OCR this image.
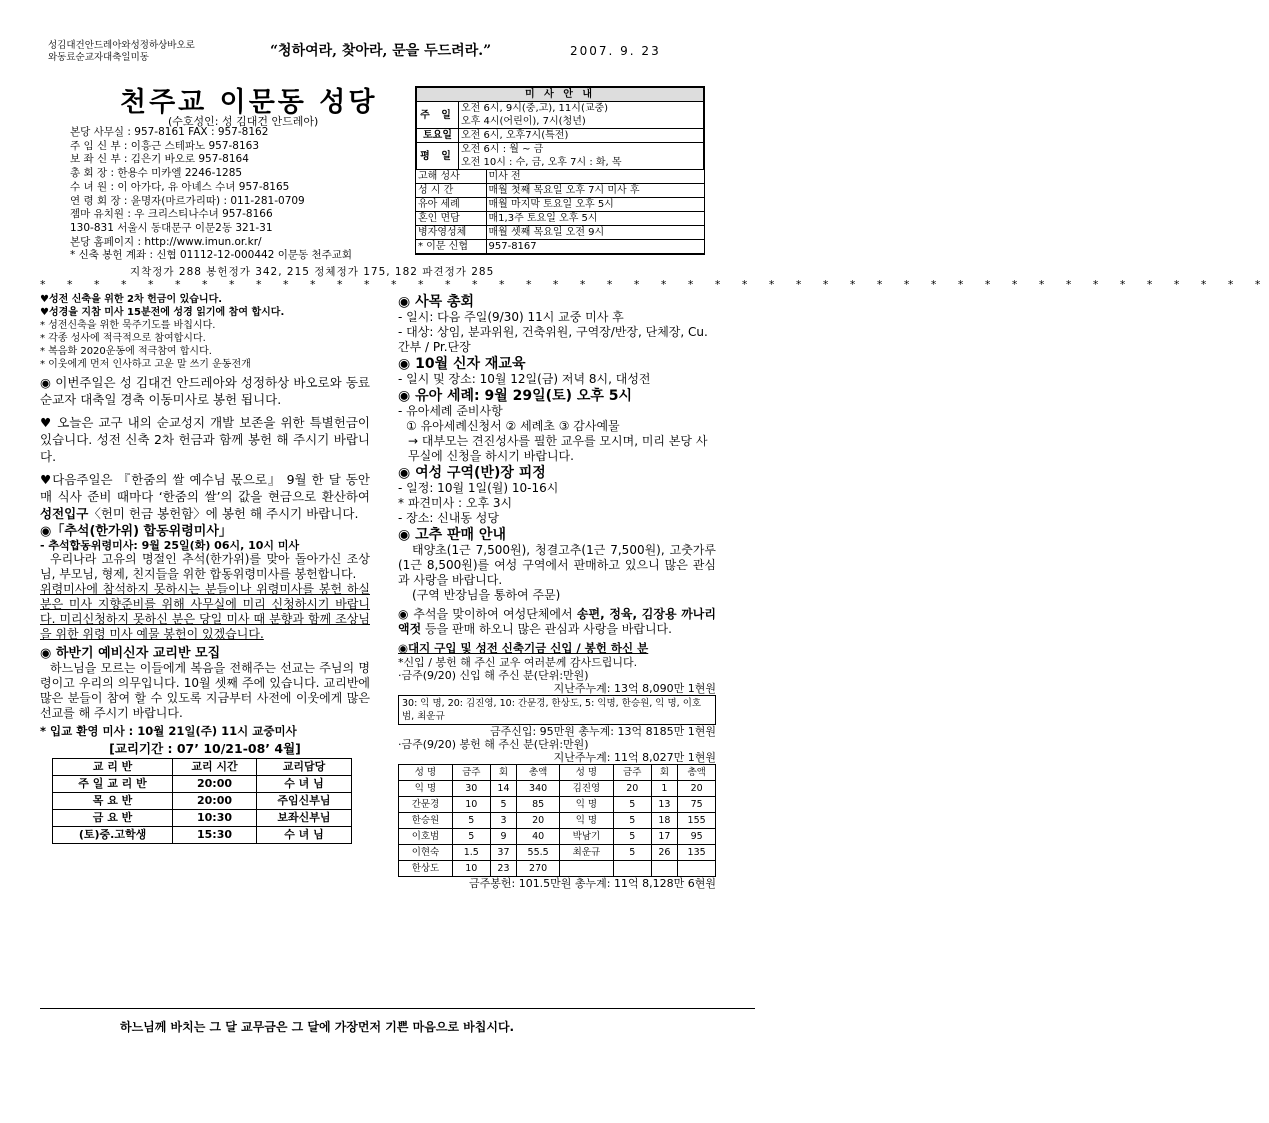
성김대건안드레아와성정하상바오로
와동료순교자대축일미동	“청하여라, 찾아라, 문을 두드려라.”	2007. 9. 23
천주교 이문동 성당
(수호성인: 성 김대건 안드레아)
본당 사무실 : 957-8161 FAX : 957-8162
주 임 신 부 : 이흥근 스테파노 957-8163
보 좌 신 부 : 김은기 바오로 957-8164
총 회 장 : 한용수 미카엘 2246-1285
수 녀 원 : 이 아가다, 유 아녜스 수녀 957-8165
연 령 회 장 : 윤명자(마르가리따) : 011-281-0709
젬마 유치원 : 우 크리스티나수녀 957-8166
130-831 서울시 동대문구 이문2동 321-31
본당 홈페이지 : http://www.imun.or.kr/
* 신축 봉헌 계좌 : 신협 01112-12-000442 이문동 천주교회
미 사 안 내	
주 일	오전 6시, 9시(중,고), 11시(교중)
오후 4시(어린이), 7시(청년)

토요일	오전 6시, 오후7시(특전)
평 일	오전 6시 : 월 ~ 금
오전 10시 : 수, 금, 오후 7시 : 화, 목
고해 성사	미사 전
성 시 간	매월 첫째 목요일 오후 7시 미사 후
유아 세례	매월 마지막 토요일 오후 5시
혼인 면담	매1,3주 토요일 오후 5시
병자영성체	매월 셋째 목요일 오전 9시
* 이문 신협	957-8167
지착정가 288 봉헌정가 342, 215 정체정가 175, 182 파견정가 285
* * * * * * * * * * * * * * * * * * * * * * * * * * * * * * * * * * * * * * * * * * * * * *
♥성전 신축을 위한 2차 헌금이 있습니다.
♥성경을 지참 미사 15분전에 성경 읽기에 참여 합시다.
* 성전신축을 위한 묵주기도를 바칩시다.
* 각종 성사에 적극적으로 참여합시다.
* 복음화 2020운동에 적극참여 합시다.
* 이웃에게 먼저 인사하고 고운 말 쓰기 운동전개

◉ 이번주일은 성 김대건 안드레아와 성정하상 바오로와 동료 순교자 대축일 경축 이동미사로 봉헌 됩니다.

♥ 오늘은 교구 내의 순교성지 개발 보존을 위한 특별헌금이 있습니다. 성전 신축 2차 헌금과 함께 봉헌 해 주시기 바랍니다.

♥다음주일은 『한줌의 쌀 예수님 몫으로』 9월 한 달 동안 매 식사 준비 때마다 ‘한줌의 쌀’의 값을 현금으로 환산하여 성전입구〈헌미 헌금 봉헌함〉에 봉헌 해 주시기 바랍니다.

◉「추석(한가위) 합동위령미사」
- 추석합동위령미사: 9월 25일(화) 06시, 10시 미사

우리나라 고유의 명절인 추석(한가위)를 맞아 돌아가신 조상님, 부모님, 형제, 친지들을 위한 합동위령미사를 봉헌합니다.

위령미사에 참석하지 못하시는 분들이나 위령미사를 봉헌 하실 분은 미사 지향준비를 위해 사무실에 미리 신청하시기 바랍니다. 미리신청하지 못하신 분은 당일 미사 때 분향과 함께 조상님을 위한 위령 미사 예물 봉헌이 있겠습니다.

◉ 하반기 예비신자 교리반 모집

하느님을 모르는 이들에게 복음을 전해주는 선교는 주님의 명령이고 우리의 의무입니다. 10월 셋째 주에 있습니다. 교리반에 많은 분들이 참여 할 수 있도록 지금부터 사전에 이웃에게 많은 선교를 해 주시기 바랍니다.

* 입교 환영 미사 : 10월 21일(주) 11시 교중미사
[교리기간 : 07’ 10/21-08’ 4월]
교 리 반	교리 시간	교리담당
주 일 교 리 반	20:00	수 녀 님
목 요 반	20:00	주임신부님
금 요 반	10:30	보좌신부님
(토)중.고학생	15:30	수 녀 님
◉ 사목 총회
- 일시: 다음 주일(9/30) 11시 교중 미사 후
- 대상: 상임, 분과위원, 건축위원, 구역장/반장, 단체장, Cu.간부 / Pr.단장
◉ 10월 신자 재교육
- 일시 및 장소: 10월 12일(금) 저녁 8시, 대성전
◉ 유아 세례: 9월 29일(토) 오후 5시
- 유아세례 준비사항
① 유아세례신청서 ② 세례초 ③ 감사예물
→ 대부모는 견진성사를 필한 교우를 모시며, 미리 본당 사무실에 신청을 하시기 바랍니다.
◉ 여성 구역(반)장 피정
- 일정: 10월 1일(월) 10-16시
* 파견미사 : 오후 3시
- 장소: 신내동 성당
◉ 고추 판매 안내

태양초(1근 7,500원), 청결고추(1근 7,500원), 고춧가루(1근 8,500원)를 여성 구역에서 판매하고 있으니 많은 관심과 사랑을 바랍니다.

(구역 반장님을 통하여 주문)

◉ 추석을 맞이하여 여성단체에서 송편, 정육, 김장용 까나리 액젓 등을 판매 하오니 많은 관심과 사랑을 바랍니다.

◉대지 구입 및 성전 신축기금 신입 / 봉헌 하신 분
*신입 / 봉헌 해 주신 교우 여러분께 감사드립니다.
·금주(9/20) 신입 해 주신 분(단위:만원)
지난주누계: 13억 8,090만 1현원
30: 익 명, 20: 김진영, 10: 간문경, 한상도, 5: 익명, 한승원, 익 명, 이호범, 최운규
금주신입: 95만원 총누계: 13억 8185만 1현원
·금주(9/20) 봉헌 해 주신 분(단위:만원)
지난주누계: 11억 8,027만 1현원
성 명	금주	회	총액	성 명	금주	회	총액
익 명	30	14	340	김진영	20	1	20
간문경	10	5	85	익 명	5	13	75
한승원	5	3	20	익 명	5	18	155
이호범	5	9	40	박남기	5	17	95
이현숙	1.5	37	55.5	최운규	5	26	135
한상도	10	23	270				
금주봉헌: 101.5만원 총누계: 11억 8,128만 6현원
하느님께 바치는 그 달 교무금은 그 달에 가장먼저 기쁜 마음으로 바칩시다.
